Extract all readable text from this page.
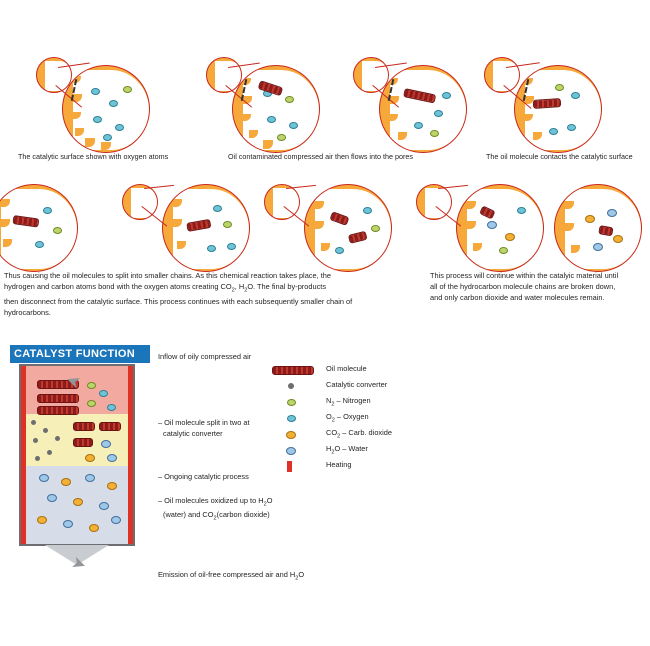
The catalytic surface shown with oxygen atoms	Oil contaminated compressed air then flows into the pores	The oil molecule contacts the catalytic surface
Thus causing the oil molecules to split into smaller chains. As this chemical reaction takes place, the
hydrogen and carbon atoms bond with the oxygen atoms creating $CO_2$, $H_2O$. The final by-products
then disconnect from the catalytic surface. This process continues with each subsequently smaller chain of
hydrocarbons.
This process will continue within the catalyic material until
all of the hydrocarbon molecule chains are broken down,
and only carbon dioxide and water molecules remain.
CATALYST FUNCTION
➤
➤
Inflow of oily compressed air
– Oil molecule split in two at
catalytic converter
– Ongoing catalytic process
– Oil molecules oxidized up to $H_2O$
(water) and $CO_2(carbon$ dioxide)
Emission of oil-free compressed air and $H_2O$
Oil molecule
Catalytic converter
$N_2$ – Nitrogen
$O_2$ – Oxygen
$CO_2$ – Carb. dioxide
$H_2O$ – Water
Heating
